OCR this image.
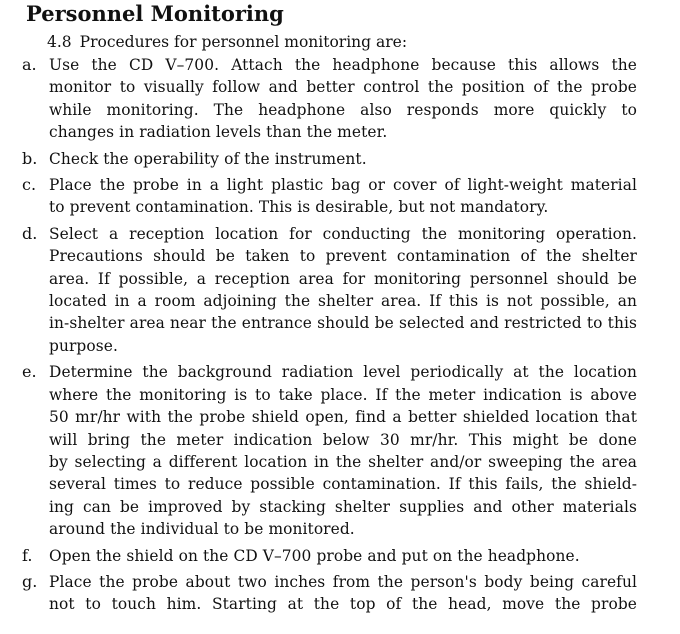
Personnel Monitoring

4.8 Procedures for personnel monitoring are:

a. Use the CD V–700. Attach the headphone because this allows the
monitor to visually follow and better control the position of the probe
while monitoring. The headphone also responds more quickly to
changes in radiation levels than the meter.
b. Check the operability of the instrument.
c. Place the probe in a light plastic bag or cover of light-weight material
to prevent contamination. This is desirable, but not mandatory.
d. Select a reception location for conducting the monitoring operation.
Precautions should be taken to prevent contamination of the shelter
area. If possible, a reception area for monitoring personnel should be
located in a room adjoining the shelter area. If this is not possible, an
in-shelter area near the entrance should be selected and restricted to this
purpose.
e. Determine the background radiation level periodically at the location
where the monitoring is to take place. If the meter indication is above
50 mr/hr with the probe shield open, find a better shielded location that
will bring the meter indication below 30 mr/hr. This might be done
by selecting a different location in the shelter and/or sweeping the area
several times to reduce possible contamination. If this fails, the shield-
ing can be improved by stacking shelter supplies and other materials
around the individual to be monitored.
f. Open the shield on the CD V–700 probe and put on the headphone.
g. Place the probe about two inches from the person's body being careful
not to touch him. Starting at the top of the head, move the probe
